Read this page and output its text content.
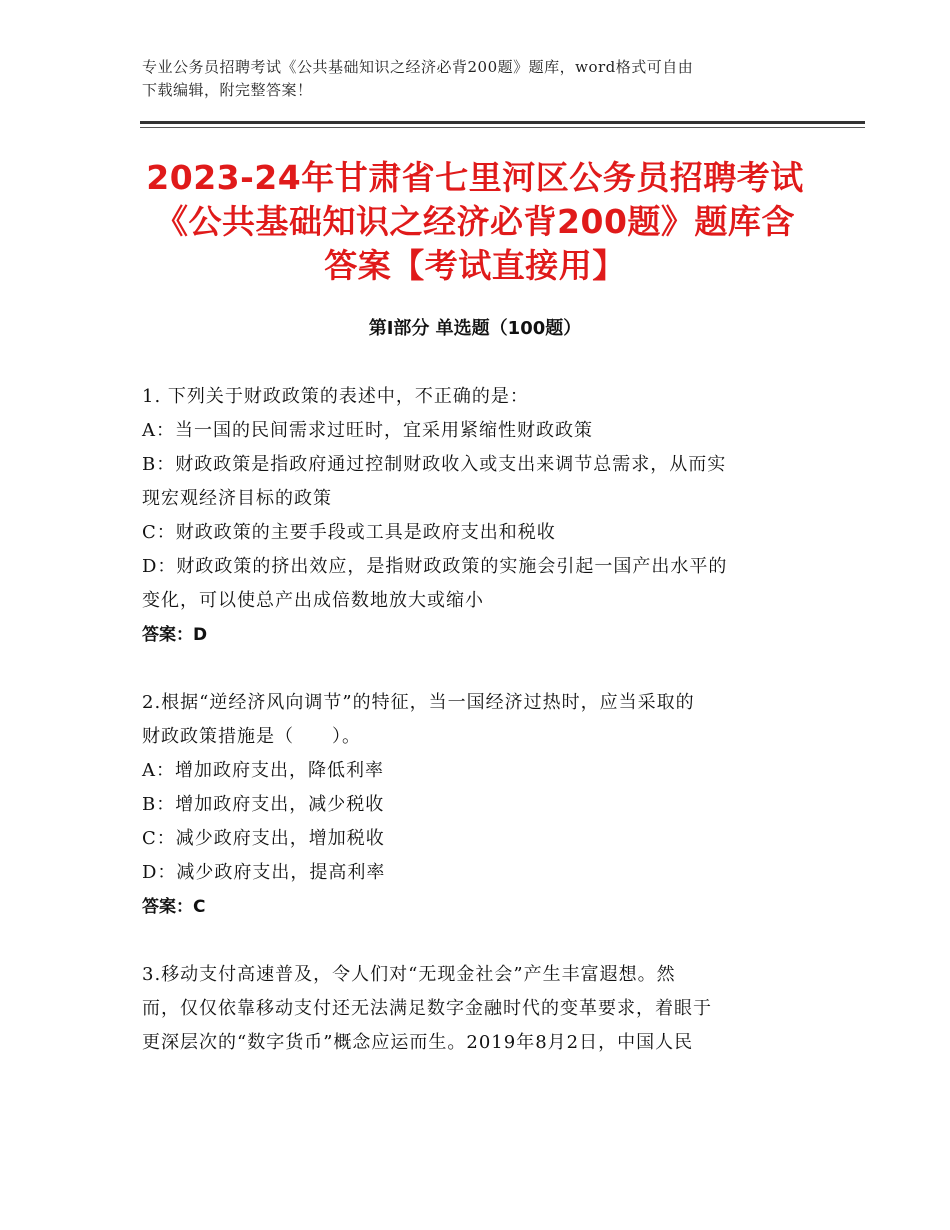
专业公务员招聘考试《公共基础知识之经济必背200题》题库，word格式可自由
下载编辑，附完整答案！
2023-24年甘肃省七里河区公务员招聘考试
《公共基础知识之经济必背200题》题库含
答案【考试直接用】
第Ⅰ部分 单选题（100题）
1. 下列关于财政政策的表述中，不正确的是：
A：当一国的民间需求过旺时，宜采用紧缩性财政政策
B：财政政策是指政府通过控制财政收入或支出来调节总需求，从而实
现宏观经济目标的政策
C：财政政策的主要手段或工具是政府支出和税收
D：财政政策的挤出效应，是指财政政策的实施会引起一国产出水平的
变化，可以使总产出成倍数地放大或缩小
答案：D
2.根据“逆经济风向调节”的特征，当一国经济过热时，应当采取的
财政政策措施是（　　）。
A：增加政府支出，降低利率
B：增加政府支出，减少税收
C：减少政府支出，增加税收
D：减少政府支出，提高利率
答案：C
3.移动支付高速普及，令人们对“无现金社会”产生丰富遐想。然
而，仅仅依靠移动支付还无法满足数字金融时代的变革要求，着眼于
更深层次的“数字货币”概念应运而生。2019年8月2日，中国人民
